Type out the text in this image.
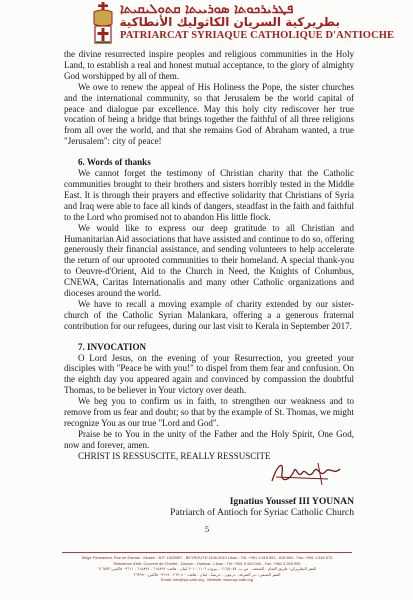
ܦܛܪܝܪܟܘܬܐ ܣܘܪܝܝܬܐ ܩܬܘܠܝܩܝܬܐ
بطريركية السريان الكاثوليك الأنطاكية
PATRIARCAT SYRIAQUE CATHOLIQUE D'ANTIOCHE

the divine resurrected inspire peoples and religious communities in the Holy Land, to establish a real and honest mutual acceptance, to the glory of almighty God worshipped by all of them.

We owe to renew the appeal of His Holiness the Pope, the sister churches and the international community, so that Jerusalem be the world capital of peace and dialogue par excellence. May this holy city rediscover her true vocation of being a bridge that brings together the faithful of all three religions from all over the world, and that she remains God of Abraham wanted, a true "Jerusalem": city of peace!

6. Words of thanks

We cannot forget the testimony of Christian charity that the Catholic communities brought to their brothers and sisters horribly tested in the Middle East. It is through their prayers and effective solidarity that Christians of Syria and Iraq were able to face all kinds of dangers, steadfast in the faith and faithful to the Lord who promised not to abandon His little flock.

We would like to express our deep gratitude to all Christian and Humanitarian Aid associations that have assisted and continue to do so, offering generously their financial assistance, and sending volunteers to help accelerate the return of our uprooted communities to their homeland. A special thank-you to Oeuvre-d'Orient, Aid to the Church in Need, the Knights of Columbus, CNEWA, Caritas Internationalis and many other Catholic organizations and dioceses around the world.

We have to recall a moving example of charity extended by our sister-church of the Catholic Syrian Malankara, offering a a generous fraternal contribution for our refugees, during our last visit to Kerala in September 2017.

7. INVOCATION

O Lord Jesus, on the evening of your Resurrection, you greeted your disciples with "Peace be with you!" to dispel from them fear and confusion. On the eighth day you appeared again and convinced by compassion the doubtful Thomas, to be believer in Your victory over death.

We beg you to confirm us in faith, to strengthen our weakness and to remove from us fear and doubt; so that by the example of St. Thomas, we might recognize You as our true "Lord and God".

Praise be to You in the unity of the Father and the Holy Spirit, One God, now and forever, amen.

CHRIST IS RESSUSCITE, REALLY RESSUSCITE

Ignatius Youssef III YOUNAN
Patriarch of Antioch for Syriac Catholic Church
5
Siège Permanent: Rue de Damas - Musée - B.P. 116/5087 - BEYROUTH 1106-2010 Liban - Tél: +961 1 615 892 - 615 894 - Fax: +961 1 616 573
Résidence d'été: Couvent de Charfet - Daroun - Harissa - Liban - Tél: +961 9 263 040 - Fax: +961 9 263 990
المقر البطريركي: طريق الشام - المتحف - ص.ب. ١١٦/٥٠٨٧ - بيروت ١١٠٦-٢٠١٠ لبنان - هاتف: ٦١٥٨٩٢ - ٦١٥٨٩٤ - ٠٩٦١١ فاكس: ٦١٦٥٧٣
المقر الصيفي: دير الشرفة - درعون - حريصا - لبنان - هاتف: ٢٦٣٠٤٠ - ٠٩٦١٩ فاكس: ٢٦٣٩٩٠
Email: info@syr-cath.org - Website: www.syr-cath.org
